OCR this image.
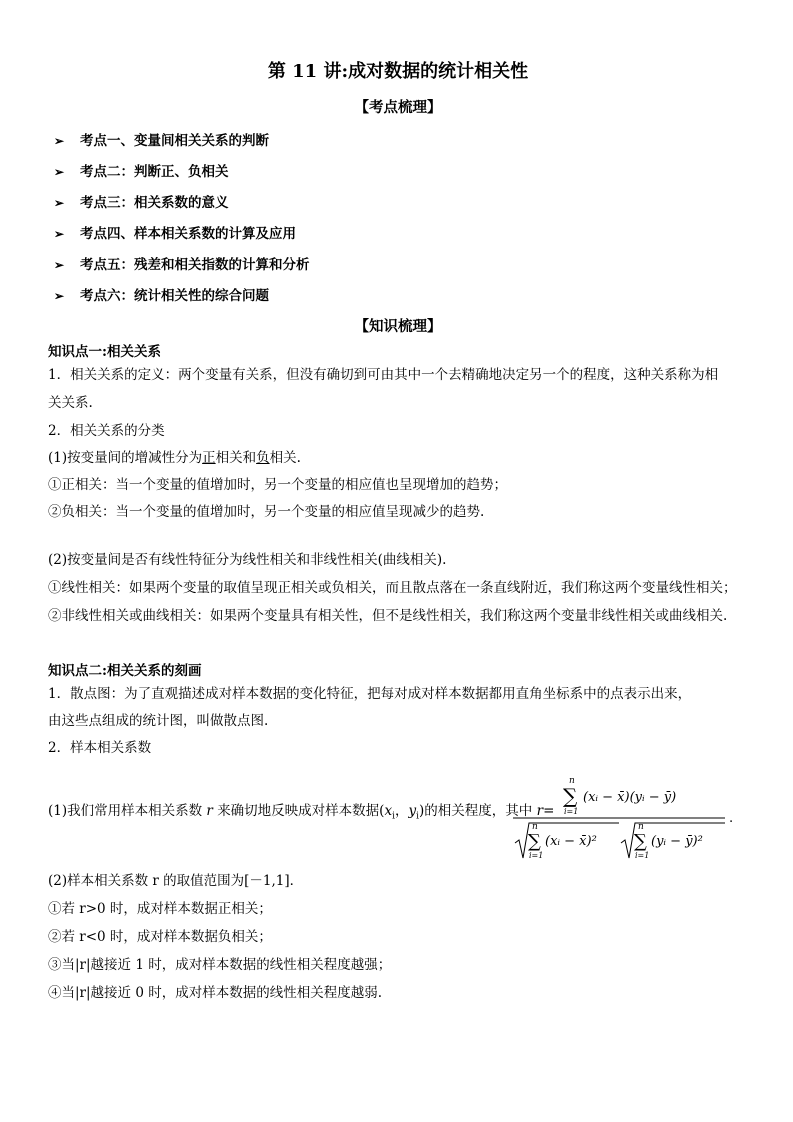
第 11 讲:成对数据的统计相关性
【考点梳理】
➢ 考点一、变量间相关关系的判断
➢ 考点二：判断正、负相关
➢ 考点三：相关系数的意义
➢ 考点四、样本相关系数的计算及应用
➢ 考点五：残差和相关指数的计算和分析
➢ 考点六：统计相关性的综合问题
【知识梳理】
知识点一:相关关系
1．相关关系的定义：两个变量有关系，但没有确切到可由其中一个去精确地决定另一个的程度，这种关系称为相
关关系.
2．相关关系的分类
(1)按变量间的增减性分为正相关和负相关.
①正相关：当一个变量的值增加时，另一个变量的相应值也呈现增加的趋势；
②负相关：当一个变量的值增加时，另一个变量的相应值呈现减少的趋势.
(2)按变量间是否有线性特征分为线性相关和非线性相关(曲线相关).
①线性相关：如果两个变量的取值呈现正相关或负相关，而且散点落在一条直线附近，我们称这两个变量线性相关；
②非线性相关或曲线相关：如果两个变量具有相关性，但不是线性相关，我们称这两个变量非线性相关或曲线相关.
知识点二:相关关系的刻画
1．散点图：为了直观描述成对样本数据的变化特征，把每对成对样本数据都用直角坐标系中的点表示出来，
由这些点组成的统计图，叫做散点图.
2．样本相关系数
(1)我们常用样本相关系数 r 来确切地反映成对样本数据($x_i$，$y_i$)的相关程度，其中 r=
(2)样本相关系数 r 的取值范围为[－1,1]．
①若 r>0 时，成对样本数据正相关；
②若 r<0 时，成对样本数据负相关；
③当|r|越接近 1 时，成对样本数据的线性相关程度越强；
④当|r|越接近 0 时，成对样本数据的线性相关程度越弱.
n
∑
i=1
(xᵢ − x̄)(yᵢ − ȳ)
n
∑
i=1
(xᵢ − x̄)²
n
∑
i=1
(yᵢ − ȳ)²
.
